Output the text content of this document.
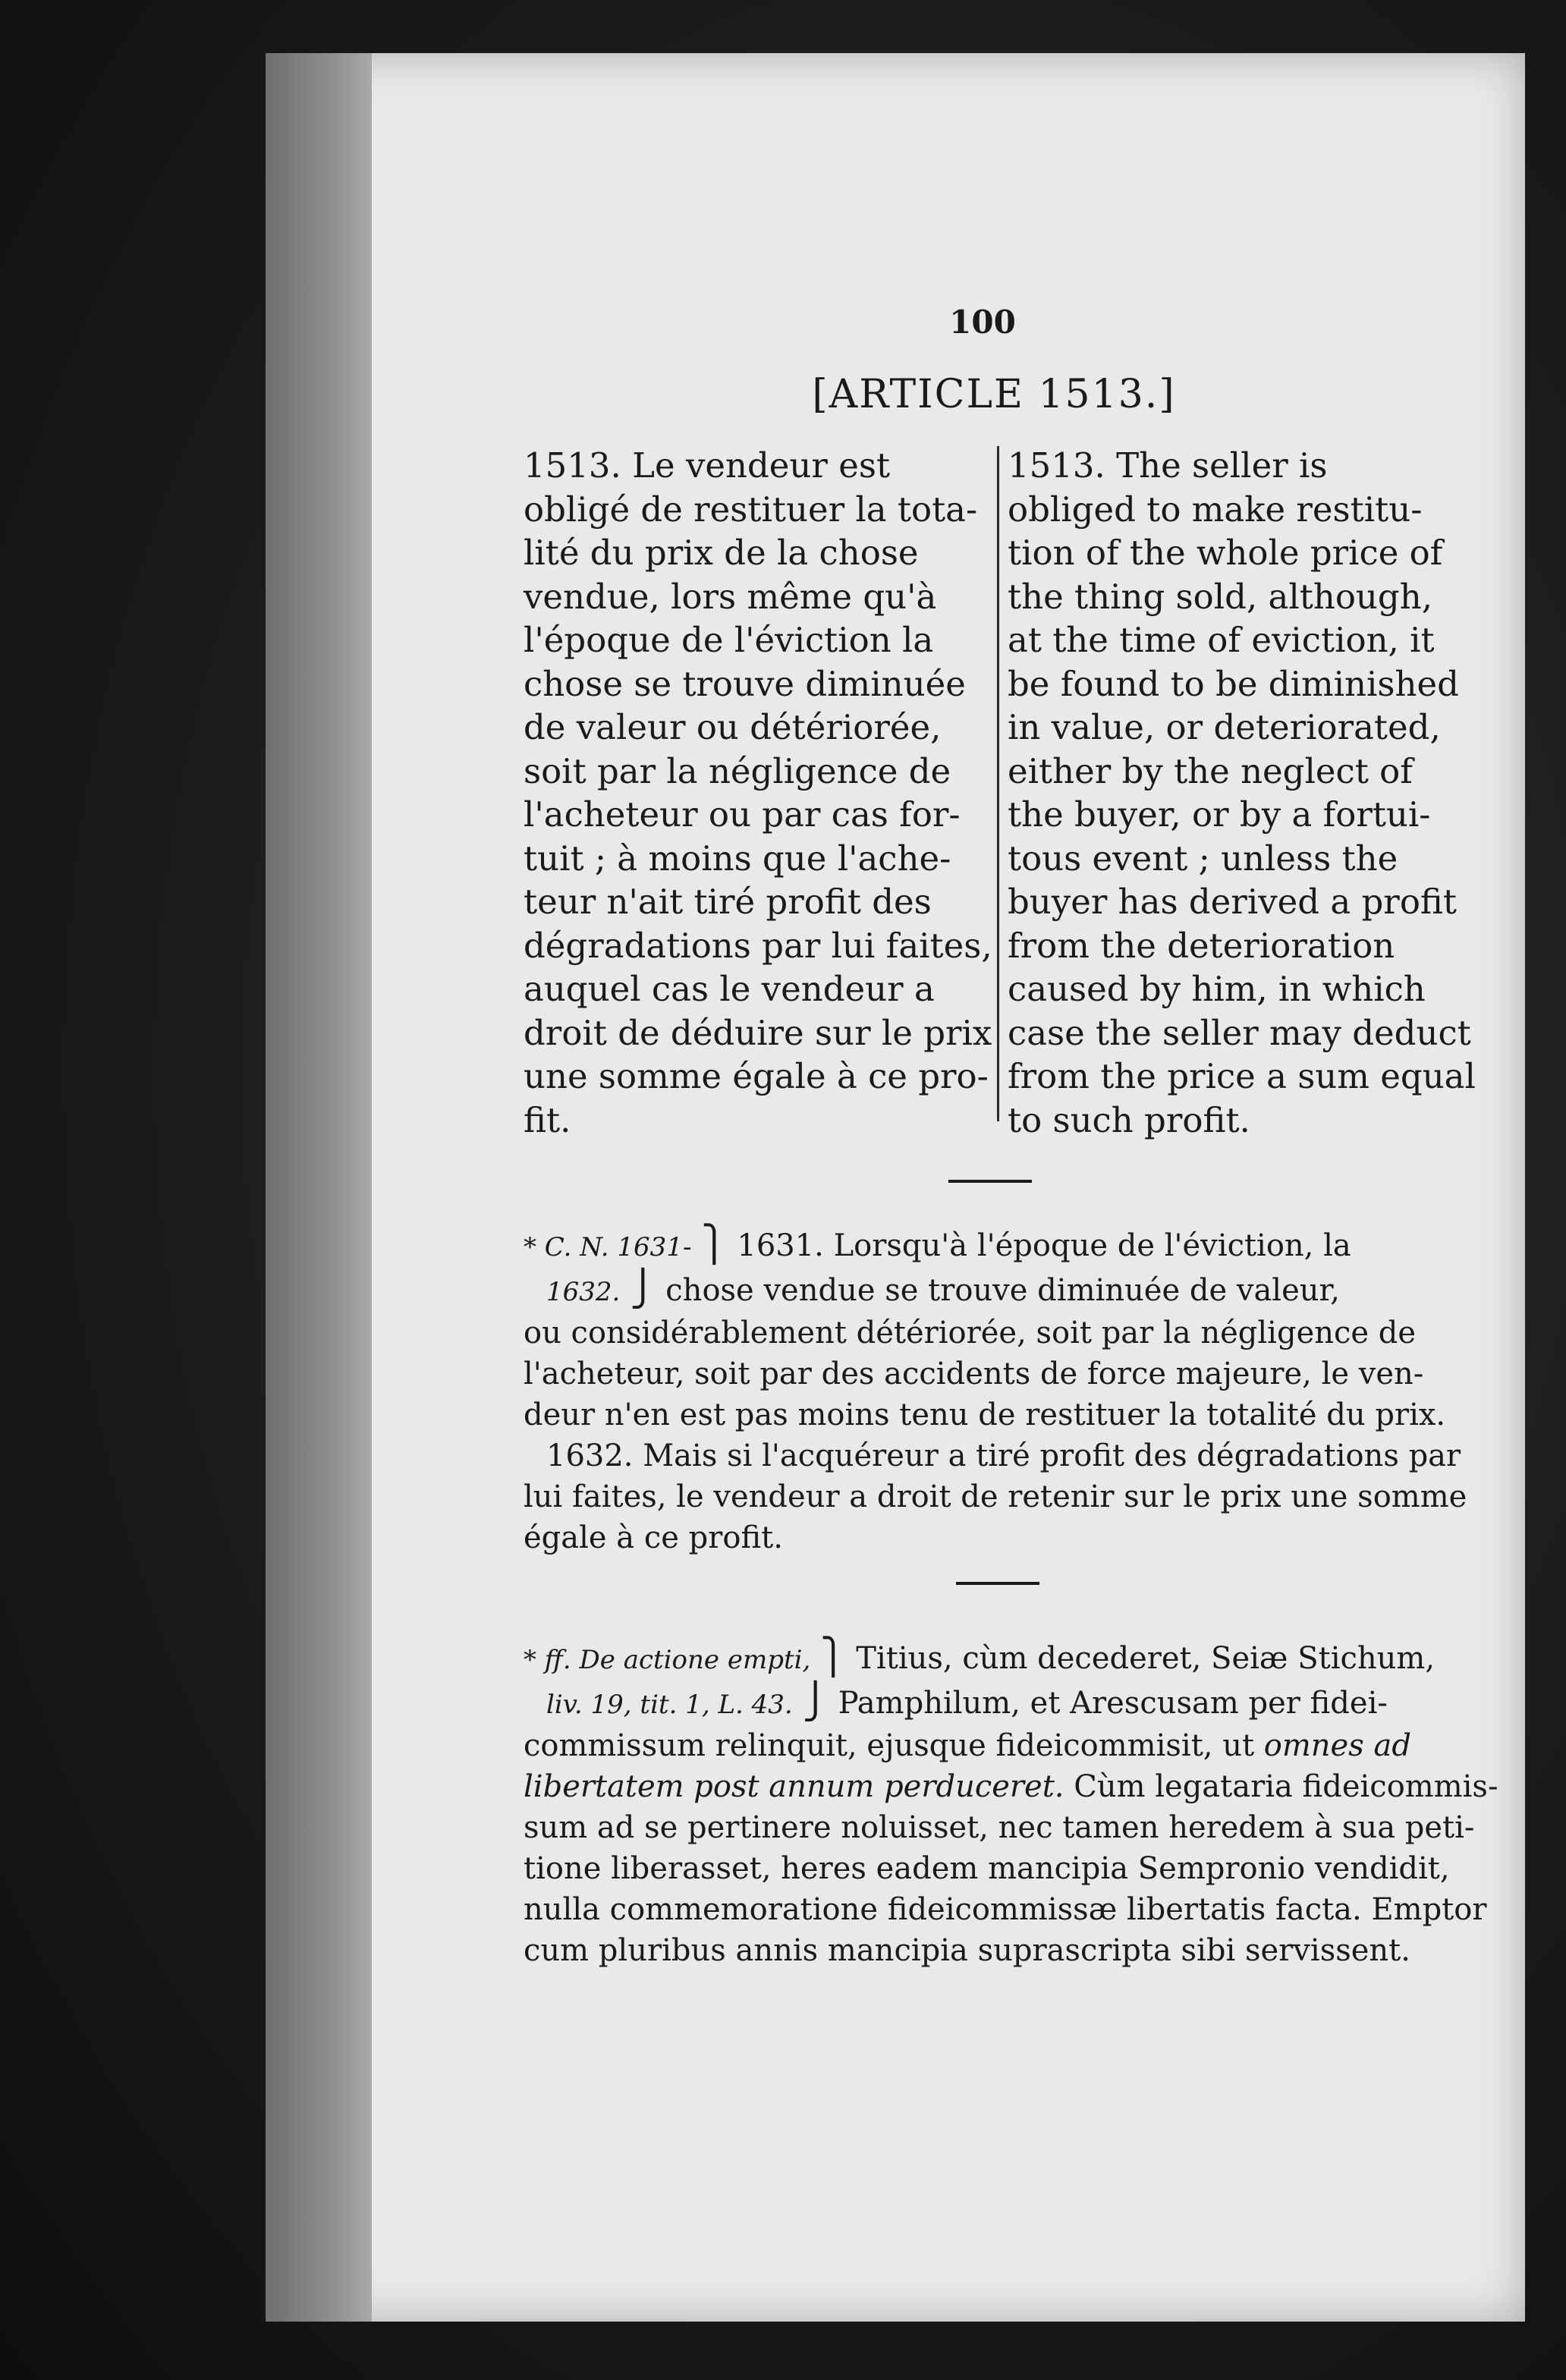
100
[ARTICLE 1513.]

1513. Le vendeur est
obligé de restituer la tota-
lité du prix de la chose
vendue, lors même qu'à
l'époque de l'éviction la
chose se trouve diminuée
de valeur ou détériorée,
soit par la négligence de
l'acheteur ou par cas for-
tuit ; à moins que l'ache-
teur n'ait tiré profit des
dégradations par lui faites,
auquel cas le vendeur a
droit de déduire sur le prix
une somme égale à ce pro-
fit.

1513. The seller is
obliged to make restitu-
tion of the whole price of
the thing sold, although,
at the time of eviction, it
be found to be diminished
in value, or deteriorated,
either by the neglect of
the buyer, or by a fortui-
tous event ; unless the
buyer has derived a profit
from the deterioration
caused by him, in which
case the seller may deduct
from the price a sum equal
to such profit.

* C. N. 1631- ⎫ 1631. Lorsqu'à l'époque de l'éviction, la
1632. ⎭ chose vendue se trouve diminuée de valeur,
ou considérablement détériorée, soit par la négligence de
l'acheteur, soit par des accidents de force majeure, le ven-
deur n'en est pas moins tenu de restituer la totalité du prix.
1632. Mais si l'acquéreur a tiré profit des dégradations par
lui faites, le vendeur a droit de retenir sur le prix une somme
égale à ce profit.
* ff. De actione empti, ⎫ Titius, cùm decederet, Seiæ Stichum,
liv. 19, tit. 1, L. 43. ⎭ Pamphilum, et Arescusam per fidei-
commissum relinquit, ejusque fideicommisit, ut omnes ad
libertatem post annum perduceret. Cùm legataria fideicommis-
sum ad se pertinere noluisset, nec tamen heredem à sua peti-
tione liberasset, heres eadem mancipia Sempronio vendidit,
nulla commemoratione fideicommissæ libertatis facta. Emptor
cum pluribus annis mancipia suprascripta sibi servissent.
